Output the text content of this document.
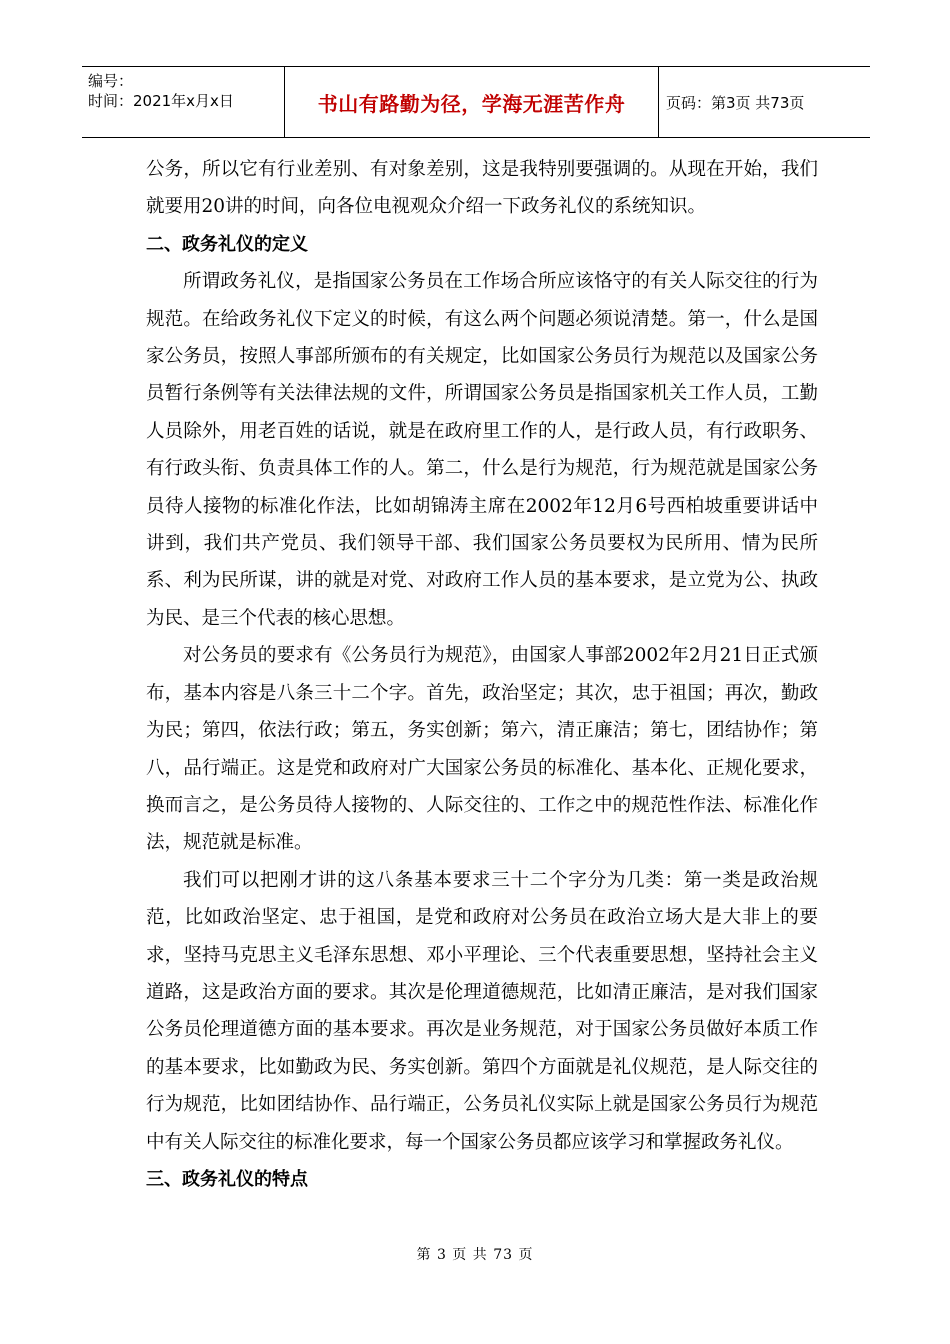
编号：
时间：2021年x月x日	书山有路勤为径，学海无涯苦作舟	页码：第3页 共73页

公务，所以它有行业差别、有对象差别，这是我特别要强调的。从现在开始，我们就要用20讲的时间，向各位电视观众介绍一下政务礼仪的系统知识。

二、政务礼仪的定义

所谓政务礼仪，是指国家公务员在工作场合所应该恪守的有关人际交往的行为规范。在给政务礼仪下定义的时候，有这么两个问题必须说清楚。第一，什么是国家公务员，按照人事部所颁布的有关规定，比如国家公务员行为规范以及国家公务员暂行条例等有关法律法规的文件，所谓国家公务员是指国家机关工作人员，工勤人员除外，用老百姓的话说，就是在政府里工作的人，是行政人员，有行政职务、有行政头衔、负责具体工作的人。第二，什么是行为规范，行为规范就是国家公务员待人接物的标准化作法，比如胡锦涛主席在2002年12月6号西柏坡重要讲话中讲到，我们共产党员、我们领导干部、我们国家公务员要权为民所用、情为民所系、利为民所谋，讲的就是对党、对政府工作人员的基本要求，是立党为公、执政为民、是三个代表的核心思想。

对公务员的要求有《公务员行为规范》，由国家人事部2002年2月21日正式颁布，基本内容是八条三十二个字。首先，政治坚定；其次，忠于祖国；再次，勤政为民；第四，依法行政；第五，务实创新；第六，清正廉洁；第七，团结协作；第八，品行端正。这是党和政府对广大国家公务员的标准化、基本化、正规化要求，换而言之，是公务员待人接物的、人际交往的、工作之中的规范性作法、标准化作法，规范就是标准。

我们可以把刚才讲的这八条基本要求三十二个字分为几类：第一类是政治规范，比如政治坚定、忠于祖国，是党和政府对公务员在政治立场大是大非上的要求，坚持马克思主义毛泽东思想、邓小平理论、三个代表重要思想，坚持社会主义道路，这是政治方面的要求。其次是伦理道德规范，比如清正廉洁，是对我们国家公务员伦理道德方面的基本要求。再次是业务规范，对于国家公务员做好本质工作的基本要求，比如勤政为民、务实创新。第四个方面就是礼仪规范，是人际交往的行为规范，比如团结协作、品行端正，公务员礼仪实际上就是国家公务员行为规范中有关人际交往的标准化要求，每一个国家公务员都应该学习和掌握政务礼仪。

三、政务礼仪的特点

第 3 页 共 73 页
